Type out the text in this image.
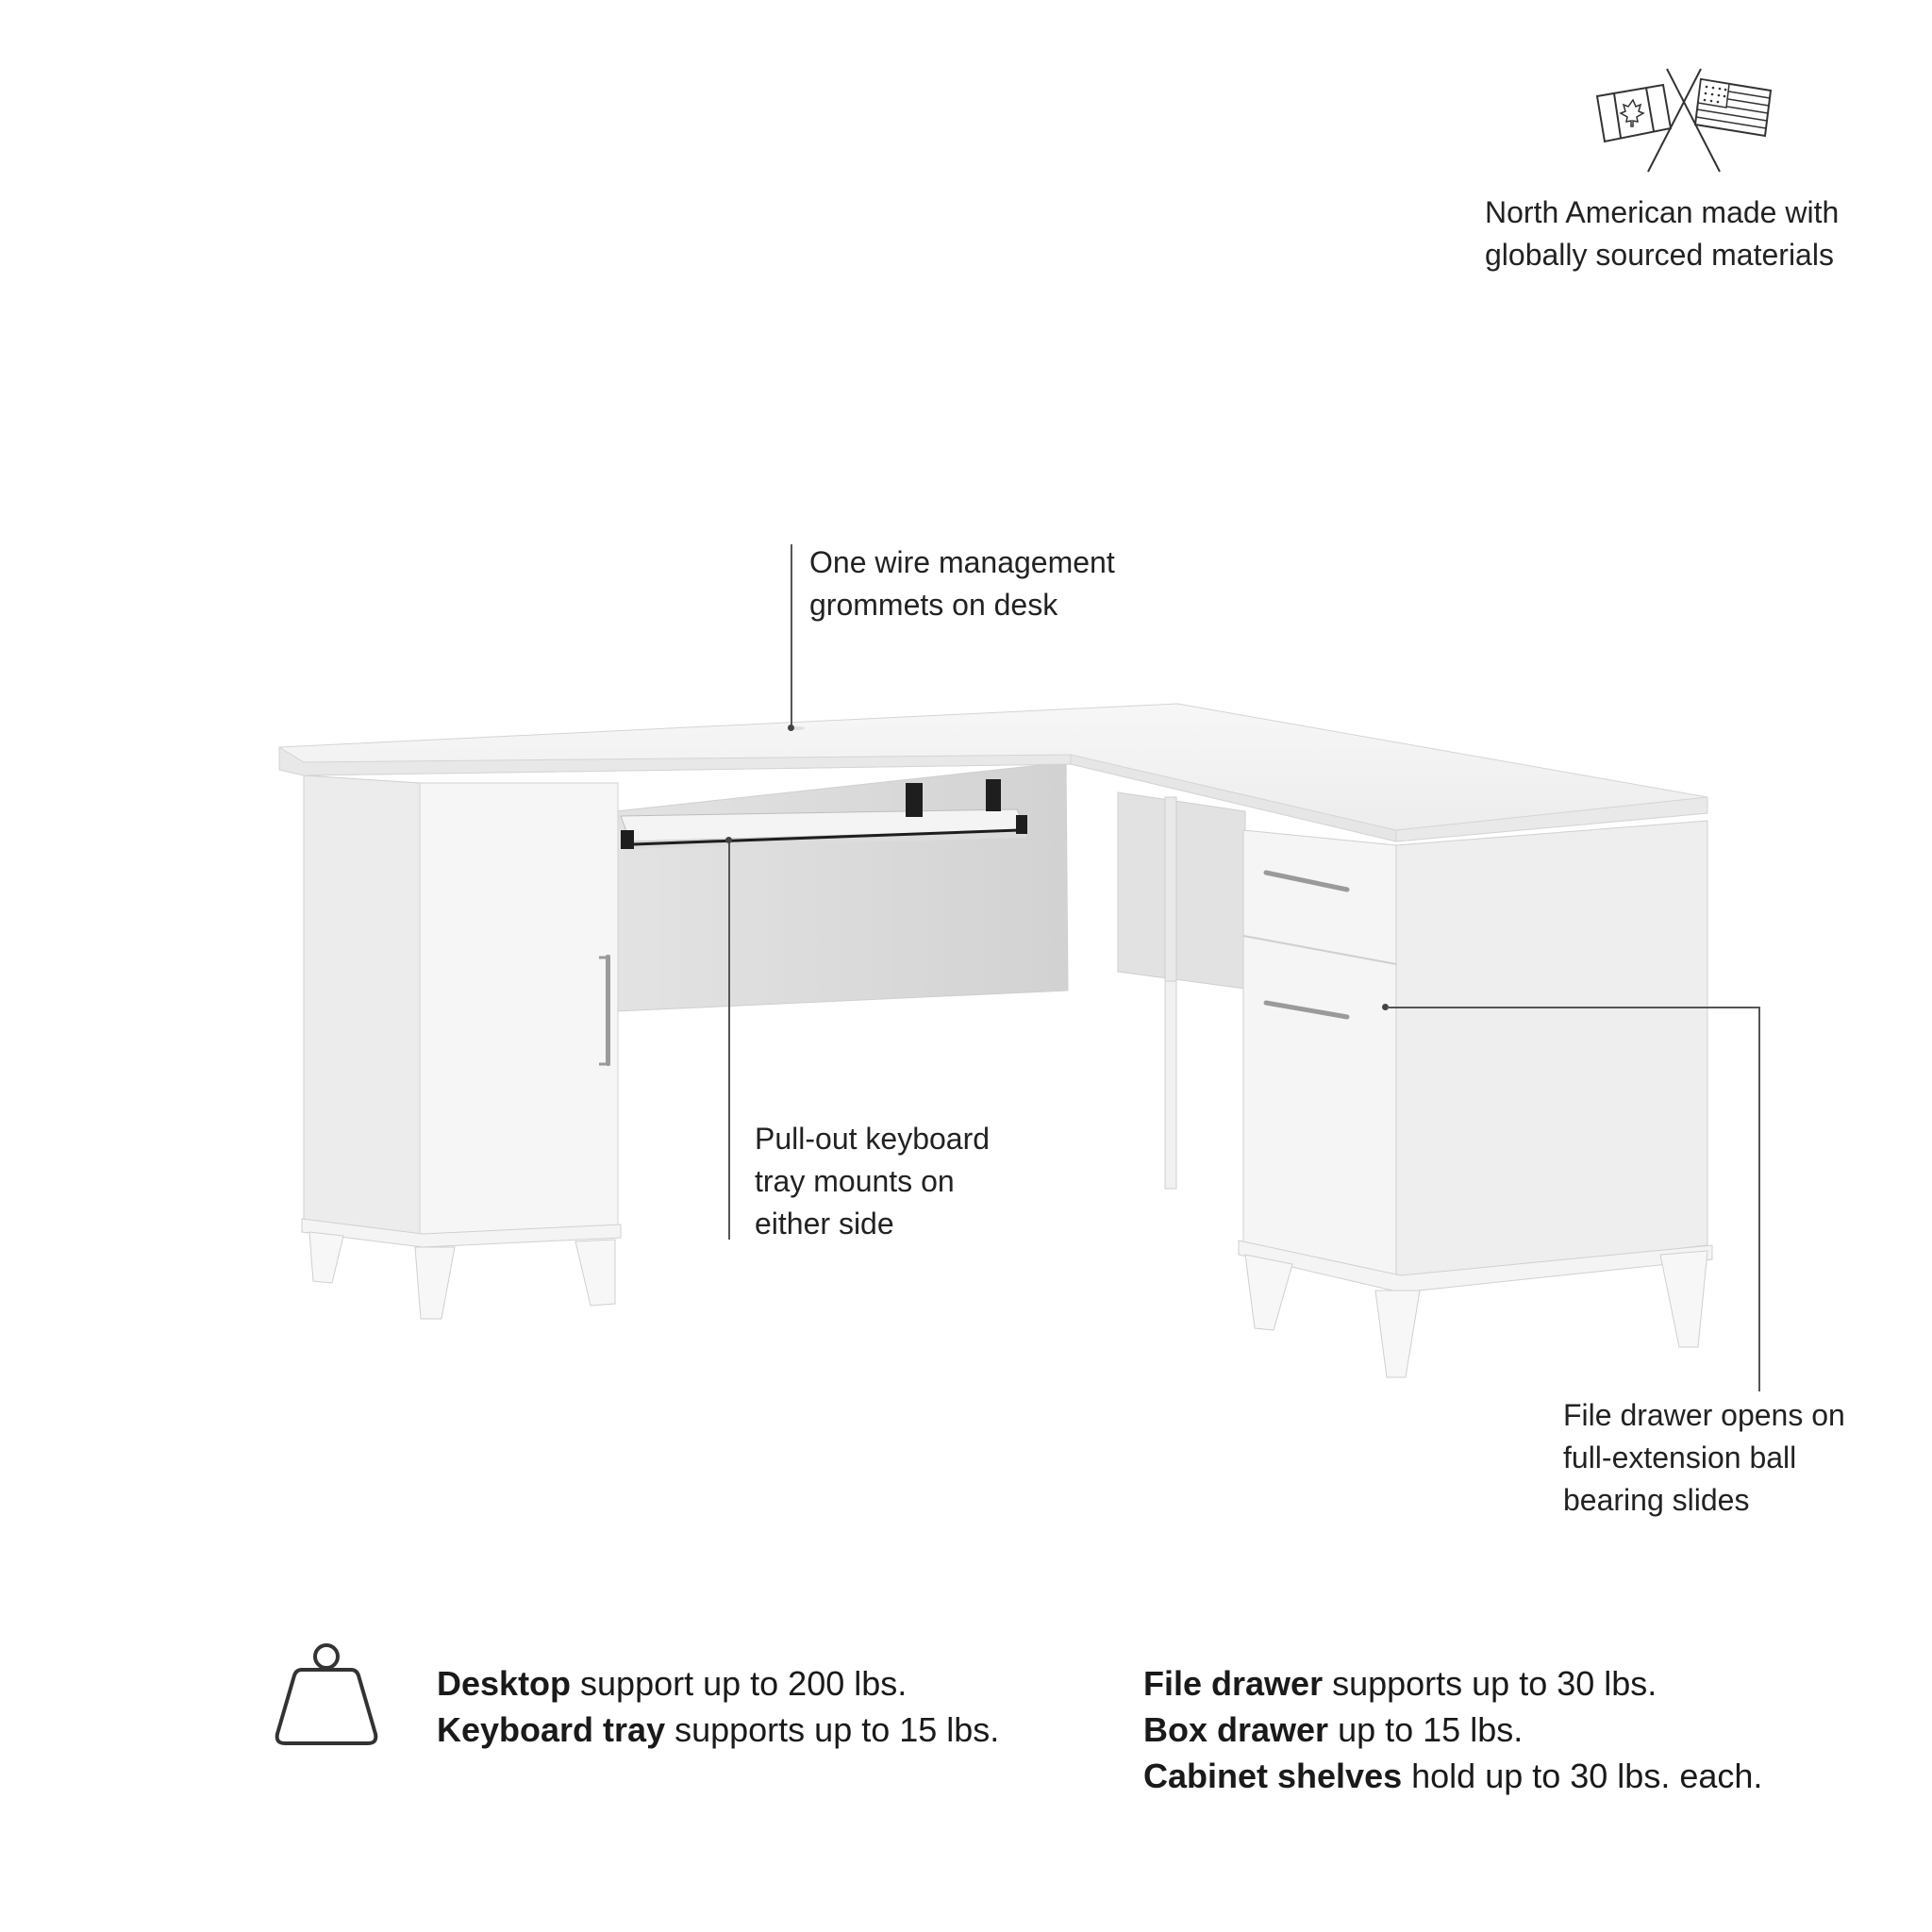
North American made with
globally sourced materials
One wire management
grommets on desk
Pull-out keyboard
tray mounts on
either side
File drawer opens on
full-extension ball
bearing slides
Desktop support up to 200 lbs.
Keyboard tray supports up to 15 lbs.
File drawer supports up to 30 lbs.
Box drawer up to 15 lbs.
Cabinet shelves hold up to 30 lbs. each.
